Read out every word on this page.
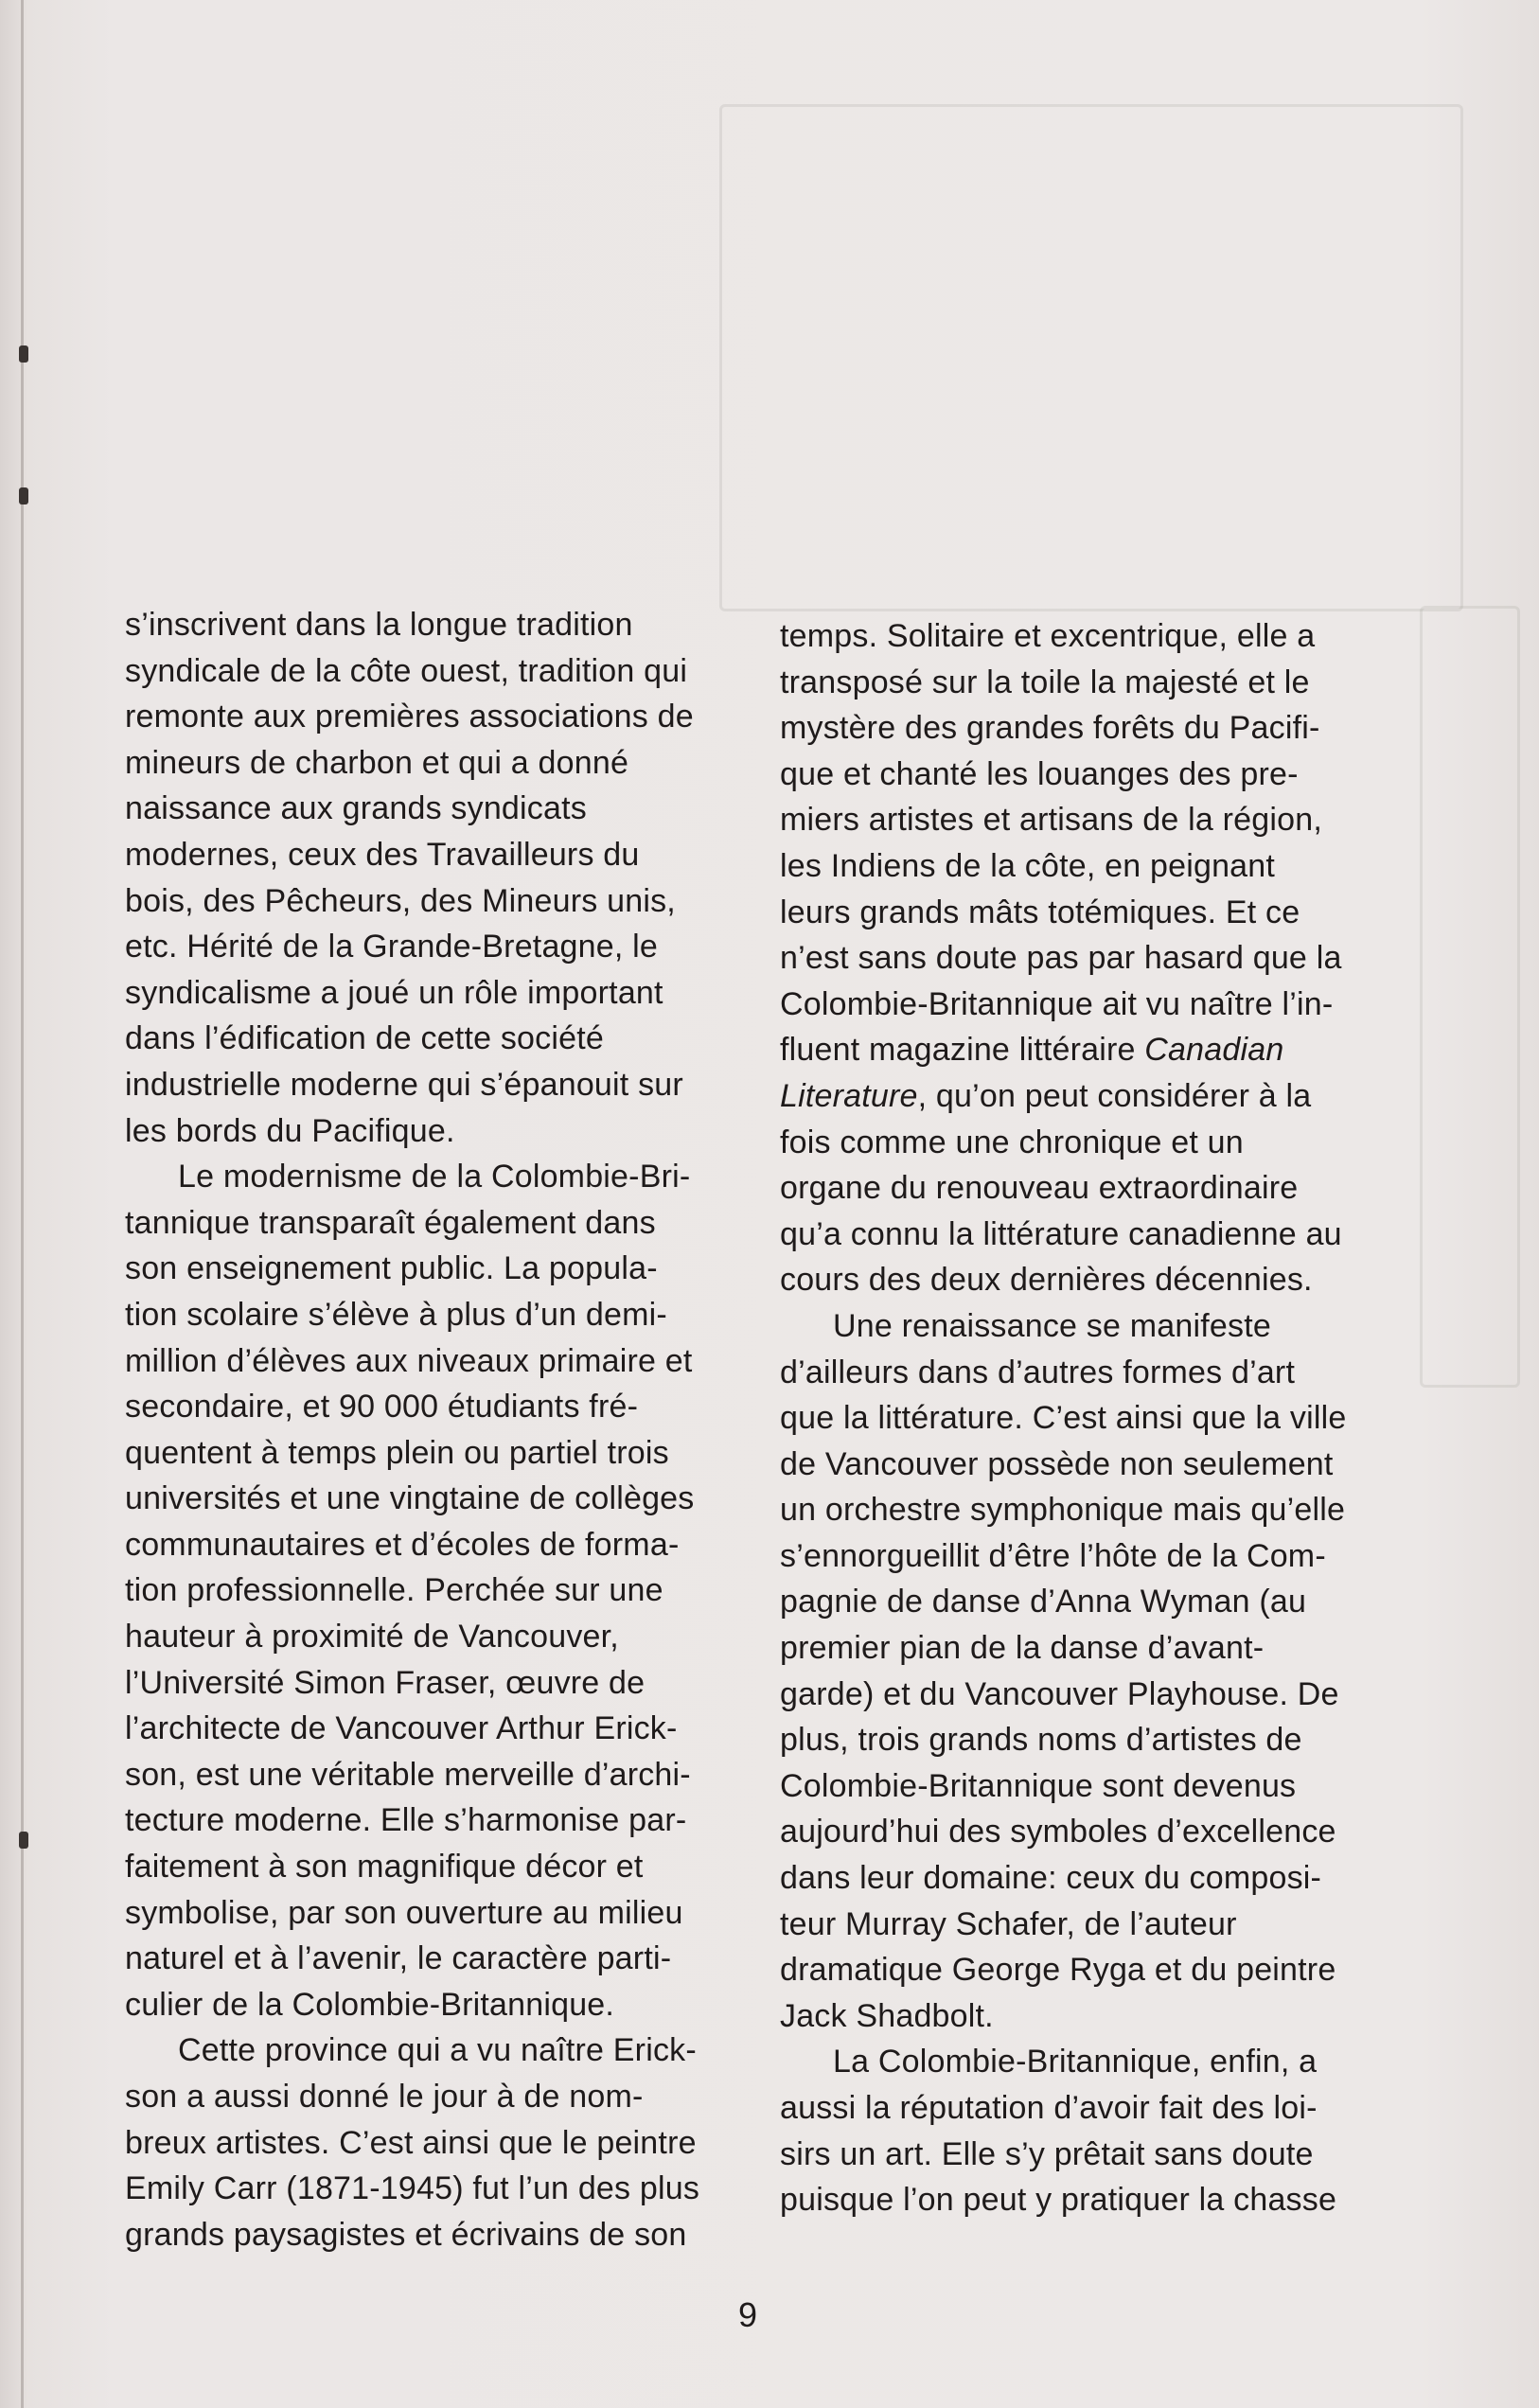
s’inscrivent dans la longue tradition
syndicale de la côte ouest, tradition qui
remonte aux premières associations de
mineurs de charbon et qui a donné
naissance aux grands syndicats
modernes, ceux des Travailleurs du
bois, des Pêcheurs, des Mineurs unis,
etc. Hérité de la Grande-Bretagne, le
syndicalisme a joué un rôle important
dans l’édification de cette société
industrielle moderne qui s’épanouit sur
les bords du Pacifique.
Le modernisme de la Colombie-Bri-
tannique transparaît également dans
son enseignement public. La popula-
tion scolaire s’élève à plus d’un demi-
million d’élèves aux niveaux primaire et
secondaire, et 90 000 étudiants fré-
quentent à temps plein ou partiel trois
universités et une vingtaine de collèges
communautaires et d’écoles de forma-
tion professionnelle. Perchée sur une
hauteur à proximité de Vancouver,
l’Université Simon Fraser, œuvre de
l’architecte de Vancouver Arthur Erick-
son, est une véritable merveille d’archi-
tecture moderne. Elle s’harmonise par-
faitement à son magnifique décor et
symbolise, par son ouverture au milieu
naturel et à l’avenir, le caractère parti-
culier de la Colombie-Britannique.
Cette province qui a vu naître Erick-
son a aussi donné le jour à de nom-
breux artistes. C’est ainsi que le peintre
Emily Carr (1871-1945) fut l’un des plus
grands paysagistes et écrivains de son
temps. Solitaire et excentrique, elle a
transposé sur la toile la majesté et le
mystère des grandes forêts du Pacifi-
que et chanté les louanges des pre-
miers artistes et artisans de la région,
les Indiens de la côte, en peignant
leurs grands mâts totémiques. Et ce
n’est sans doute pas par hasard que la
Colombie-Britannique ait vu naître l’in-
fluent magazine littéraire Canadian
Literature, qu’on peut considérer à la
fois comme une chronique et un
organe du renouveau extraordinaire
qu’a connu la littérature canadienne au
cours des deux dernières décennies.
Une renaissance se manifeste
d’ailleurs dans d’autres formes d’art
que la littérature. C’est ainsi que la ville
de Vancouver possède non seulement
un orchestre symphonique mais qu’elle
s’ennorgueillit d’être l’hôte de la Com-
pagnie de danse d’Anna Wyman (au
premier pian de la danse d’avant-
garde) et du Vancouver Playhouse. De
plus, trois grands noms d’artistes de
Colombie-Britannique sont devenus
aujourd’hui des symboles d’excellence
dans leur domaine: ceux du composi-
teur Murray Schafer, de l’auteur
dramatique George Ryga et du peintre
Jack Shadbolt.
La Colombie-Britannique, enfin, a
aussi la réputation d’avoir fait des loi-
sirs un art. Elle s’y prêtait sans doute
puisque l’on peut y pratiquer la chasse
9
